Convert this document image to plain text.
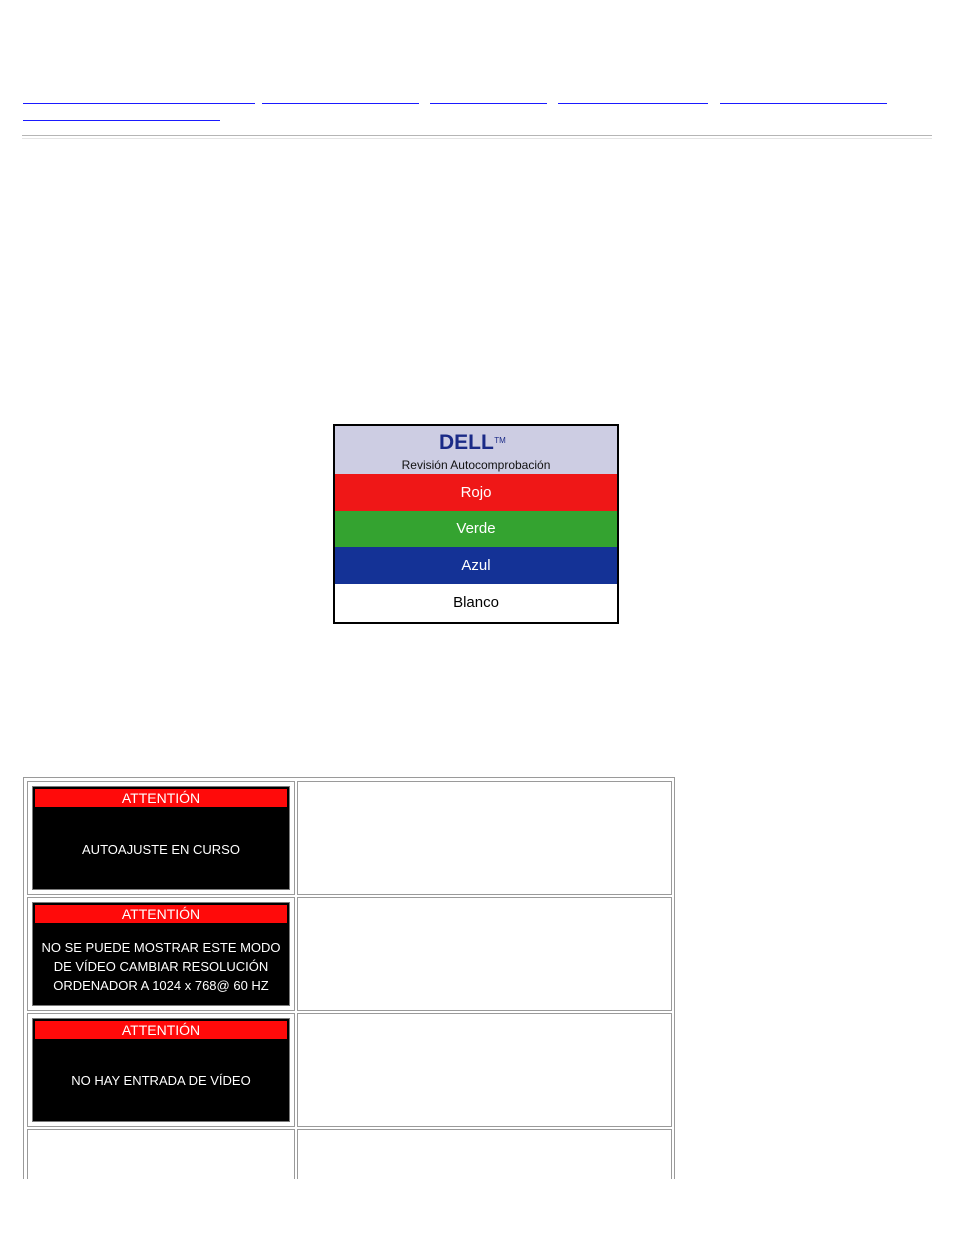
DELL TM
Revisión Autocomprobación
Rojo
Verde
Azul
Blanco
ATTENTIÓN
AUTOAJUSTE EN CURSO
ATTENTIÓN
NO SE PUEDE MOSTRAR ESTE MODO
DE VÍDEO CAMBIAR RESOLUCIÓN
ORDENADOR A 1024 x 768@ 60 HZ
ATTENTIÓN
NO HAY ENTRADA DE VÍDEO
